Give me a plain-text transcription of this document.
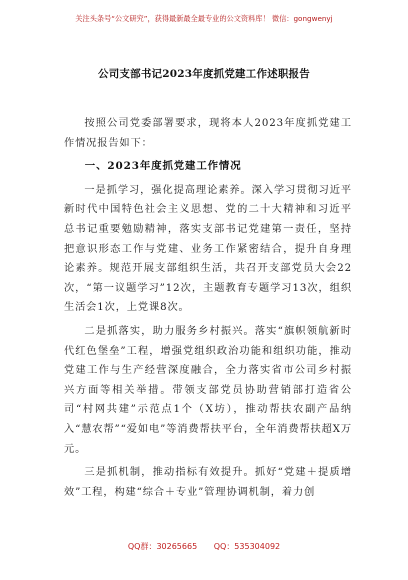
关注头条号“公文研究”，获得最新最全最专业的公文资料库！ 微信：gongwenyj
公司支部书记2023年度抓党建工作述职报告

按照公司党委部署要求，现将本人2023年度抓党建工作情况报告如下：

一、2023年度抓党建工作情况

一是抓学习，强化提高理论素养。深入学习贯彻习近平新时代中国特色社会主义思想、党的二十大精神和习近平总书记重要勉励精神，落实支部书记党建第一责任，坚持把意识形态工作与党建、业务工作紧密结合，提升自身理论素养。规范开展支部组织生活，共召开支部党员大会22次，“第一议题学习”12次，主题教育专题学习13次，组织生活会1次，上党课8次。

二是抓落实，助力服务乡村振兴。落实“旗帜领航新时代红色堡垒”工程，增强党组织政治功能和组织功能，推动党建工作与生产经营深度融合，全力落实省市公司乡村振兴方面等相关举措。带领支部党员协助营销部打造省公司“村网共建”示范点1个（X坊），推动帮扶农副产品纳入“慧农帮”“爱如电”等消费帮扶平台，全年消费帮扶超X万元。

三是抓机制，推动指标有效提升。抓好“党建＋提质增效”工程，构建“综合＋专业”管理协调机制，着力创

QQ群：30265665 QQ：535304092
